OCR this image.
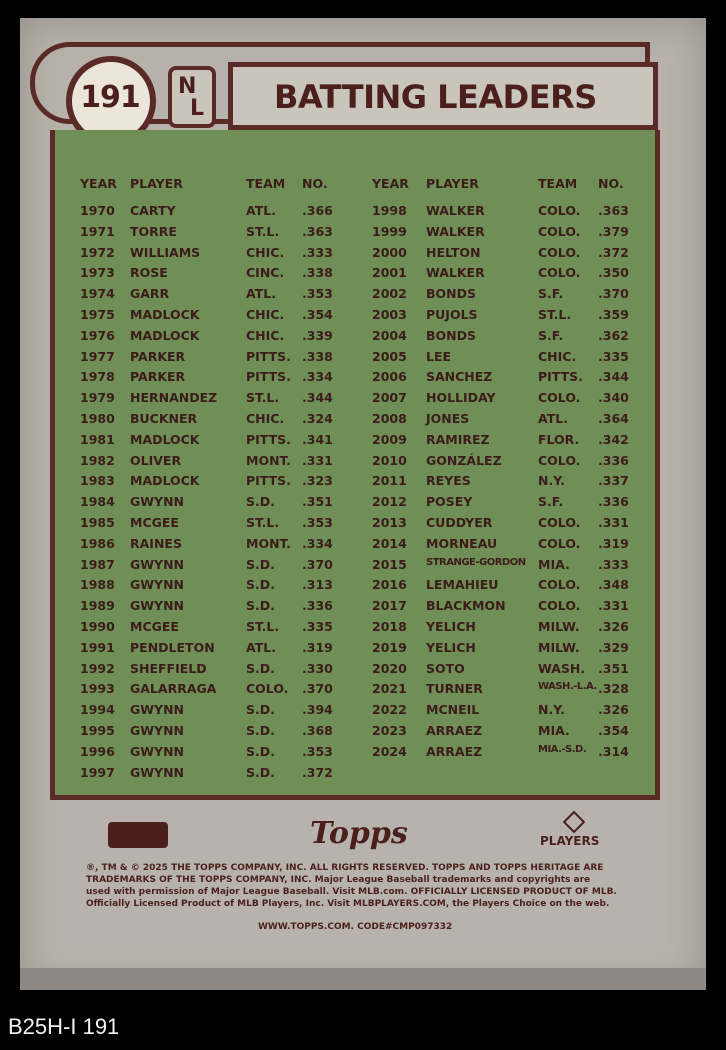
BATTING LEADERS
191	N
L
YEAR PLAYER	TEAM NO.
1970 CARTY	ATL. .366
1971 TORRE	ST.L. .363
1972 WILLIAMS	CHIC. .333
1973 ROSE	CINC. .338
1974 GARR	ATL. .353
1975 MADLOCK	CHIC. .354
1976 MADLOCK	CHIC. .339
1977 PARKER	PITTS. .338
1978 PARKER	PITTS. .334
1979 HERNANDEZ ST.L. .344
1980 BUCKNER	CHIC. .324
1981 MADLOCK	PITTS. .341
1982 OLIVER	MONT. .331
1983 MADLOCK	PITTS. .323
1984 GWYNN	S.D. .351
1985 MCGEE	ST.L. .353
1986 RAINES	MONT. .334
1987 GWYNN	S.D. .370
1988 GWYNN	S.D. .313
1989 GWYNN	S.D. .336
1990 MCGEE	ST.L. .335
1991 PENDLETON	ATL. .319
1992 SHEFFIELD	S.D. .330
1993 GALARRAGA COLO. .370
1994 GWYNN	S.D. .394
1995 GWYNN	S.D. .368
1996 GWYNN	S.D. .353
1997 GWYNN	S.D. .372
YEAR PLAYER	TEAM NO.
1998 WALKER	COLO. .363
1999 WALKER	COLO. .379
2000 HELTON	COLO. .372
2001 WALKER	COLO. .350
2002 BONDS	S.F.	.370
2003 PUJOLS	ST.L. .359
2004 BONDS	S.F.	.362
2005 LEE	CHIC. .335
2006 SANCHEZ	PITTS. .344
2007 HOLLIDAY	COLO. .340
2008 JONES	ATL. .364
2009 RAMIREZ	FLOR. .342
2010 GONZÁLEZ	COLO. .336
2011 REYES	N.Y.	.337
2012 POSEY	S.F.	.336
2013 CUDDYER	COLO. .331
2014 MORNEAU	COLO. .319
2015 STRANGE-GORDON MIA. .333
2016 LEMAHIEU	COLO. .348
2017 BLACKMON	COLO. .331
2018 YELICH	MILW. .326
2019 YELICH	MILW. .329
2020 SOTO	WASH. .351
2021 TURNER	WASH.-L.A. .328
2022 MCNEIL	N.Y.	.326
2023 ARRAEZ	MIA. .354
2024 ARRAEZ	MIA.-S.D. .314
Topps	PLAYERS
®, TM & © 2025 THE TOPPS COMPANY, INC. ALL RIGHTS RESERVED. TOPPS AND TOPPS HERITAGE ARE
TRADEMARKS OF THE TOPPS COMPANY, INC. Major League Baseball trademarks and copyrights are
used with permission of Major League Baseball. Visit MLB.com. OFFICIALLY LICENSED PRODUCT OF MLB.
Officially Licensed Product of MLB Players, Inc. Visit MLBPLAYERS.COM, the Players Choice on the web.
WWW.TOPPS.COM. CODE#CMP097332
B25H-I 191
